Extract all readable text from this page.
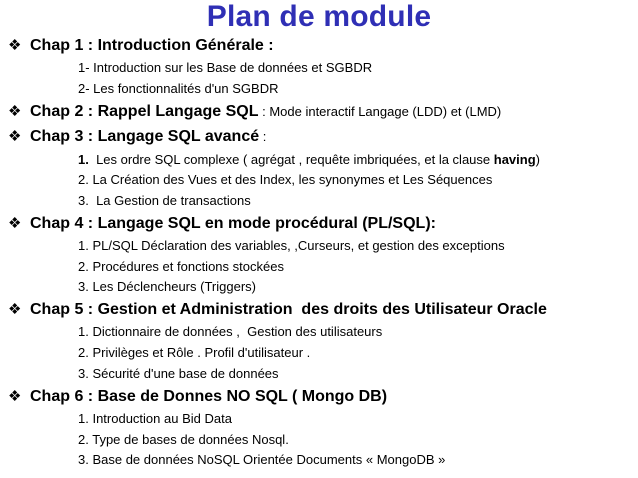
Plan de module
❖ Chap 1 : Introduction Générale :
1- Introduction sur les Base de données et SGBDR
2- Les fonctionnalités d'un SGBDR
❖ Chap 2 : Rappel Langage SQL : Mode interactif Langage (LDD) et (LMD)
❖ Chap 3 : Langage SQL avancé :
1.  Les ordre SQL complexe ( agrégat , requête imbriquées, et la clause having)
2. La Création des Vues et des Index, les synonymes et Les Séquences
3.  La Gestion de transactions
❖ Chap 4 : Langage SQL en mode procédural (PL/SQL):
1. PL/SQL Déclaration des variables, ,Curseurs, et gestion des exceptions
2. Procédures et fonctions stockées
3. Les Déclencheurs (Triggers)
❖ Chap 5 : Gestion et Administration  des droits des Utilisateur Oracle
1. Dictionnaire de données ,  Gestion des utilisateurs
2. Privilèges et Rôle . Profil d'utilisateur .
3. Sécurité d'une base de données
❖ Chap 6 : Base de Donnes NO SQL ( Mongo DB)
1. Introduction au Bid Data
2. Type de bases de données Nosql.
3. Base de données NoSQL Orientée Documents « MongoDB »
